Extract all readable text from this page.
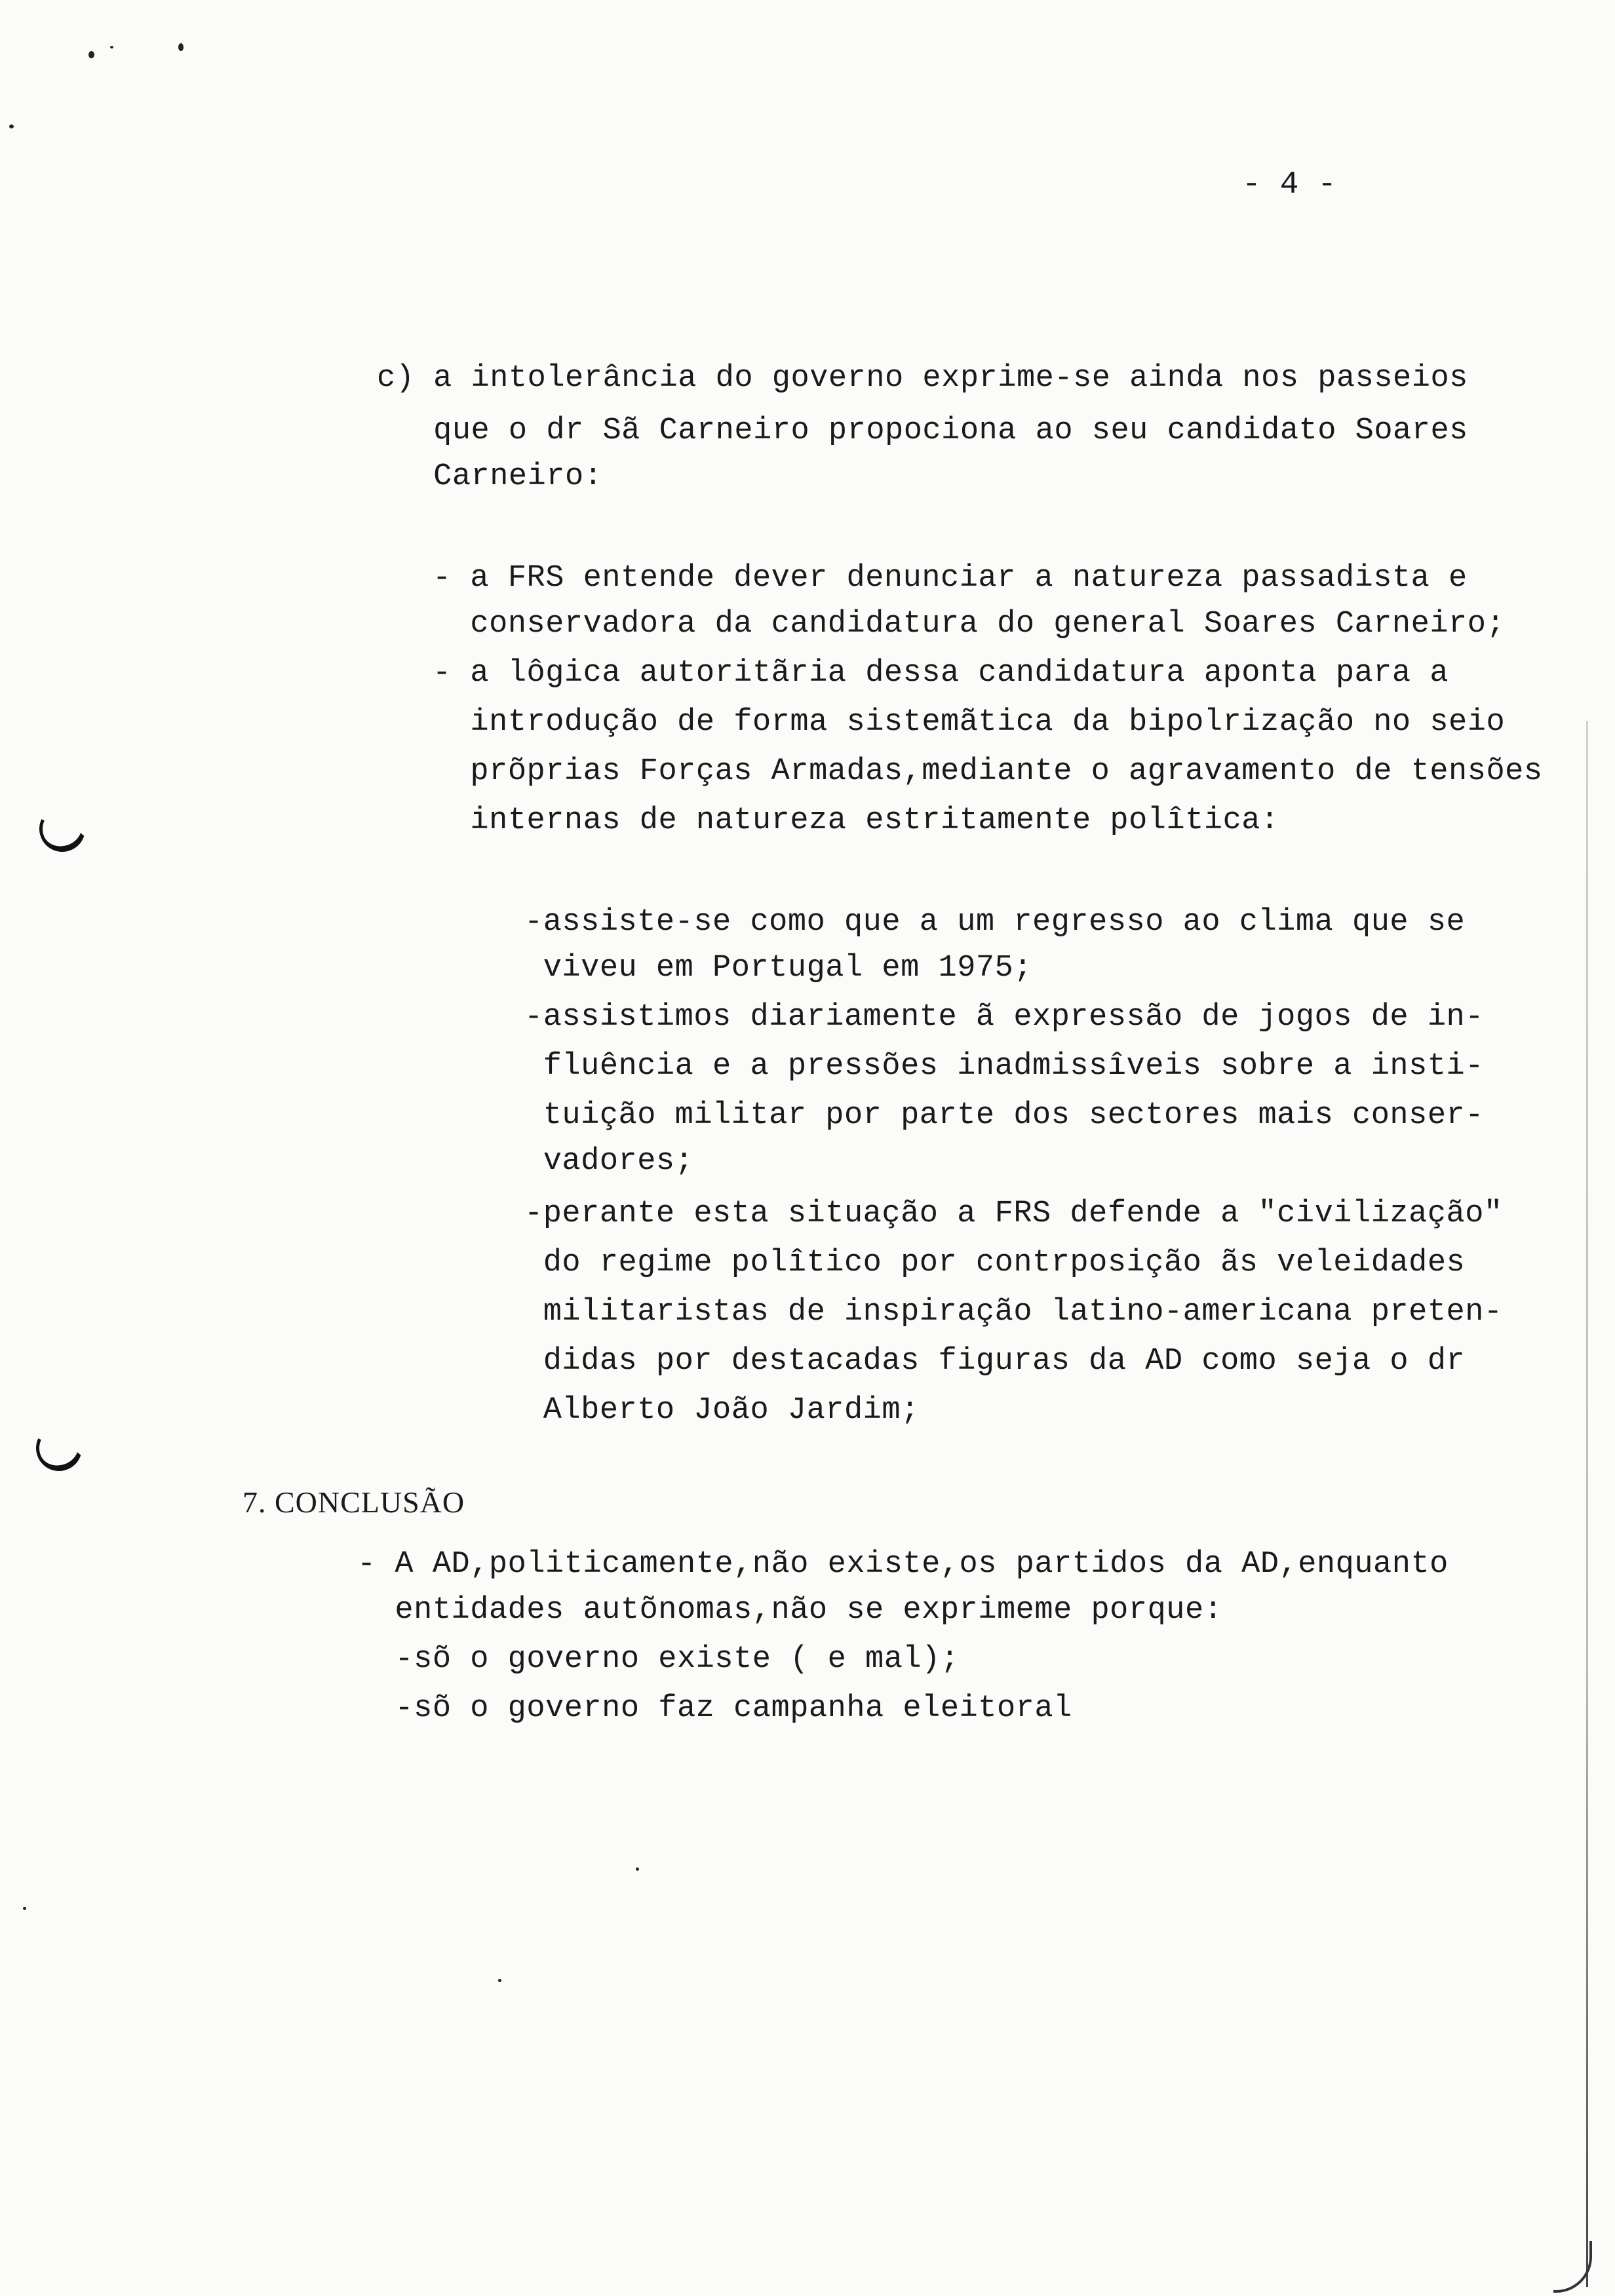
- 4 -
c) a intolerância do governo exprime-se ainda nos passeios
que o dr Sã Carneiro propociona ao seu candidato Soares
Carneiro:
- a FRS entende dever denunciar a natureza passadista e
conservadora da candidatura do general Soares Carneiro;
- a lôgica autoritãria dessa candidatura aponta para a
introdução de forma sistemãtica da bipolrização no seio
prõprias Forças Armadas,mediante o agravamento de tensões
internas de natureza estritamente polîtica:
-assiste-se como que a um regresso ao clima que se
viveu em Portugal em 1975;
-assistimos diariamente ã expressão de jogos de in-
fluência e a pressões inadmissîveis sobre a insti-
tuição militar por parte dos sectores mais conser-
vadores;
-perante esta situação a FRS defende a "civilização"
do regime polîtico por contrposição ãs veleidades
militaristas de inspiração latino-americana preten-
didas por destacadas figuras da AD como seja o dr
Alberto João Jardim;
7. CONCLUSÃO
- A AD,politicamente,não existe,os partidos da AD,enquanto
entidades autõnomas,não se exprimeme porque:
-sõ o governo existe ( e mal);
-sõ o governo faz campanha eleitoral
